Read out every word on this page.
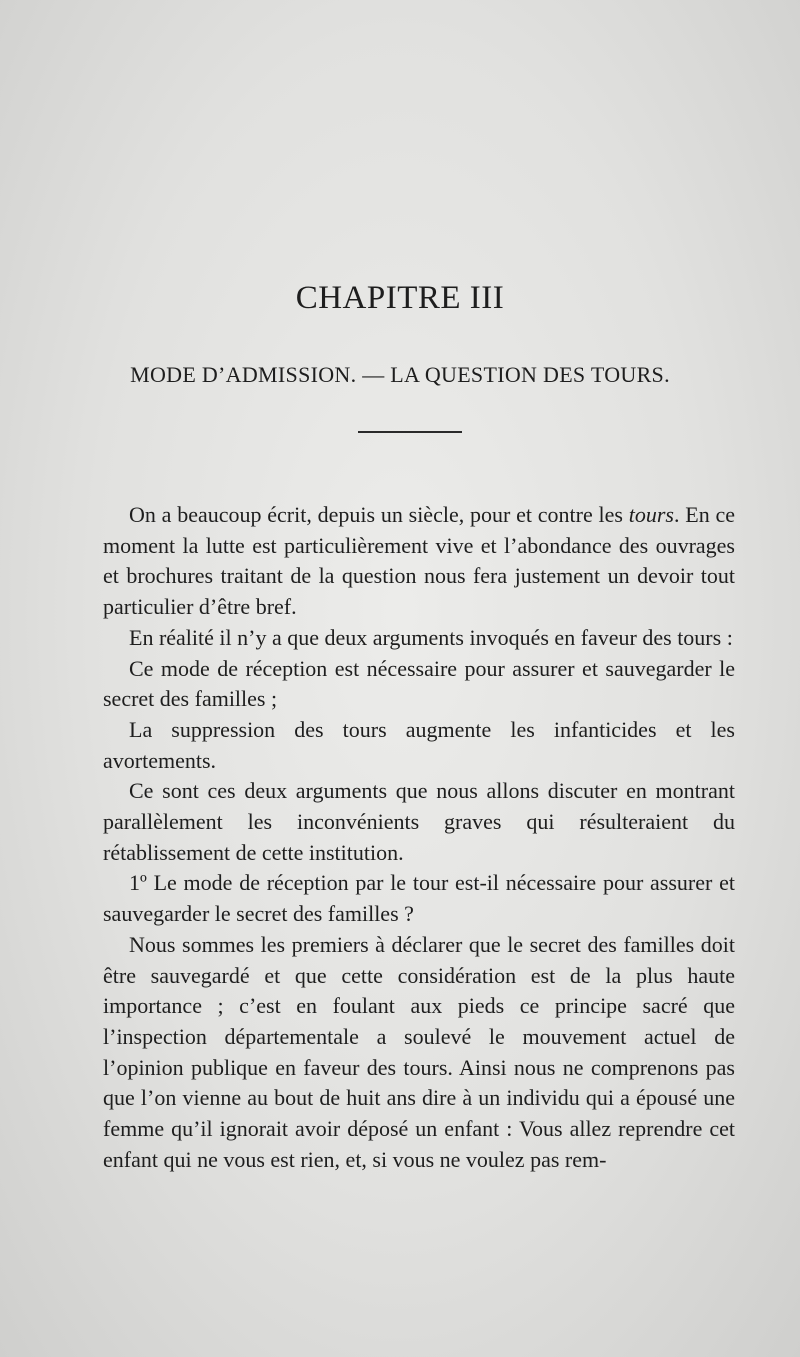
CHAPITRE III
MODE D’ADMISSION. — LA QUESTION DES TOURS.

On a beaucoup écrit, depuis un siècle, pour et contre les tours. En ce moment la lutte est particulièrement vive et l’abondance des ouvrages et brochures traitant de la question nous fera justement un devoir tout particulier d’être bref.

En réalité il n’y a que deux arguments invoqués en faveur des tours :

Ce mode de réception est nécessaire pour assurer et sauvegarder le secret des familles ;

La suppression des tours augmente les infanticides et les avortements.

Ce sont ces deux arguments que nous allons discuter en montrant parallèlement les inconvénients graves qui résulteraient du rétablissement de cette institution.

1º Le mode de réception par le tour est-il nécessaire pour assurer et sauvegarder le secret des familles ?

Nous sommes les premiers à déclarer que le secret des familles doit être sauvegardé et que cette considération est de la plus haute importance ; c’est en foulant aux pieds ce principe sacré que l’inspection départementale a soulevé le mouvement actuel de l’opinion publique en faveur des tours. Ainsi nous ne comprenons pas que l’on vienne au bout de huit ans dire à un individu qui a épousé une femme qu’il ignorait avoir déposé un enfant : Vous allez reprendre cet enfant qui ne vous est rien, et, si vous ne voulez pas rem-
